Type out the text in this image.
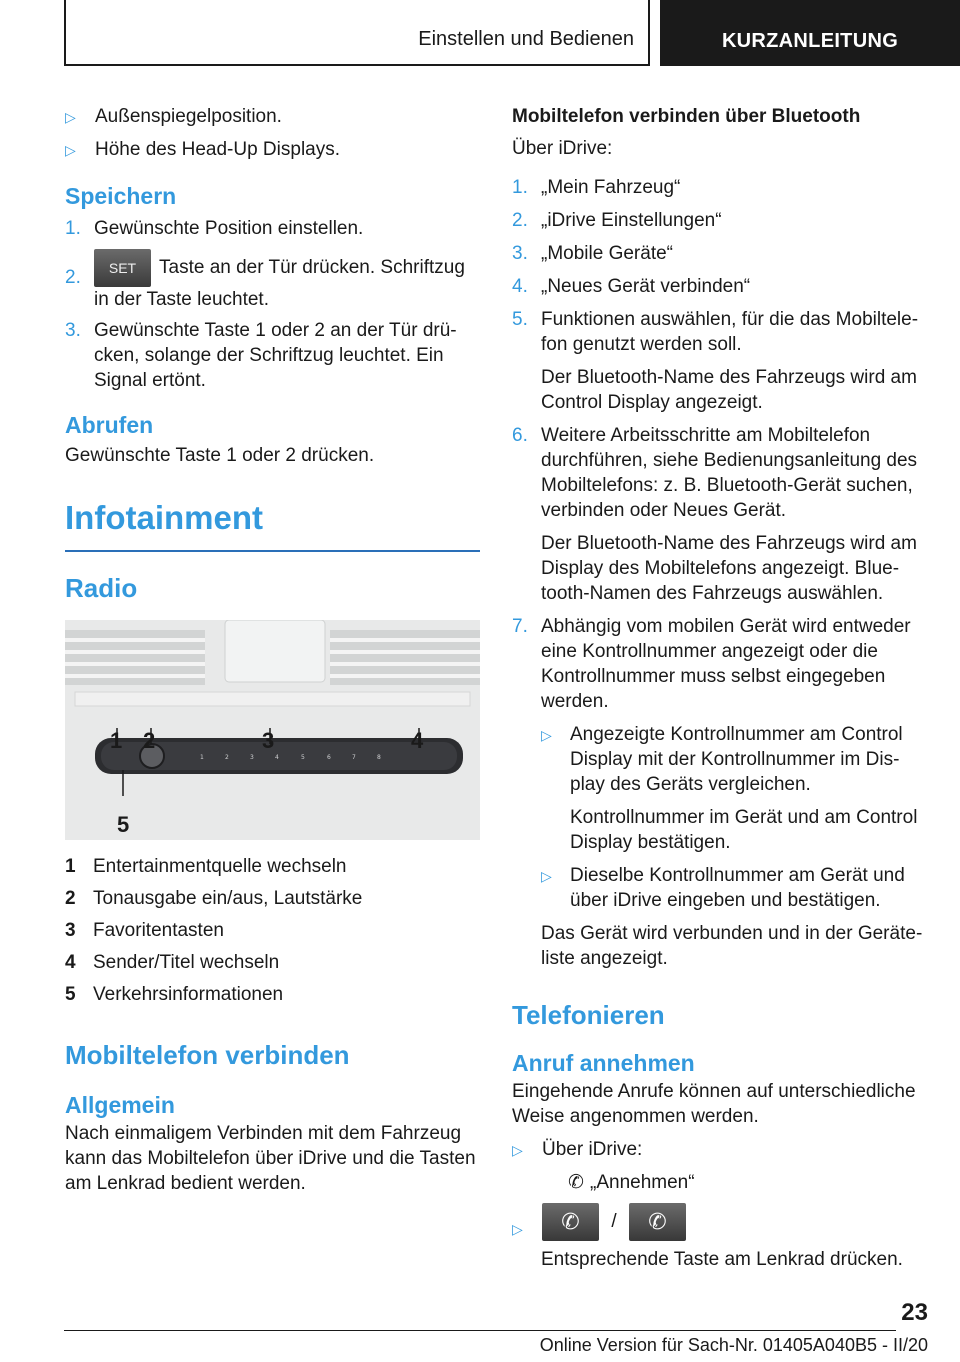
Einstellen und Bedienen	KURZANLEITUNG
▷ Außenspiegelposition.
▷ Höhe des Head-Up Displays.
Speichern
1. Gewünschte Position einstellen.
2. SET Taste an der Tür drücken. Schriftzug in der Taste leuchtet.
3. Gewünschte Taste 1 oder 2 an der Tür drücken, solange der Schriftzug leuchtet. Ein Signal ertönt.
Abrufen
Gewünschte Taste 1 oder 2 drücken.
Infotainment
Radio
1	2	3	4	5	6	7	8
1 2	3	4
5
1 Entertainmentquelle wechseln
2 Tonausgabe ein/aus, Lautstärke
3 Favoritentasten
4 Sender/Titel wechseln
5 Verkehrsinformationen
Mobiltelefon verbinden
Allgemein
Nach einmaligem Verbinden mit dem Fahrzeug kann das Mobiltelefon über iDrive und die Tasten am Lenkrad bedient werden.
Mobiltelefon verbinden über Bluetooth
Über iDrive:
1. „Mein Fahrzeug“
2. „iDrive Einstellungen“
3. „Mobile Geräte“
4. „Neues Gerät verbinden“
5. Funktionen auswählen, für die das Mobiltelefon genutzt werden soll.
Der Bluetooth-Name des Fahrzeugs wird am Control Display angezeigt.
6. Weitere Arbeitsschritte am Mobiltelefon durchführen, siehe Bedienungsanleitung des Mobiltelefons: z. B. Bluetooth-Gerät suchen, verbinden oder Neues Gerät.
Der Bluetooth-Name des Fahrzeugs wird am Display des Mobiltelefons angezeigt. Bluetooth-Namen des Fahrzeugs auswählen.
7. Abhängig vom mobilen Gerät wird entweder eine Kontrollnummer angezeigt oder die Kontrollnummer muss selbst eingegeben werden.
▷ Angezeigte Kontrollnummer am Control Display mit der Kontrollnummer im Display des Geräts vergleichen.
Kontrollnummer im Gerät und am Control Display bestätigen.
▷ Dieselbe Kontrollnummer am Gerät und über iDrive eingeben und bestätigen.
Das Gerät wird verbunden und in der Geräteliste angezeigt.
Telefonieren
Anruf annehmen
Eingehende Anrufe können auf unterschiedliche Weise angenommen werden.
▷ Über iDrive:
✆ „Annehmen“
▷ ✆ / ✆
Entsprechende Taste am Lenkrad drücken.
23
Online Version für Sach-Nr. 01405A040B5 - II/20
